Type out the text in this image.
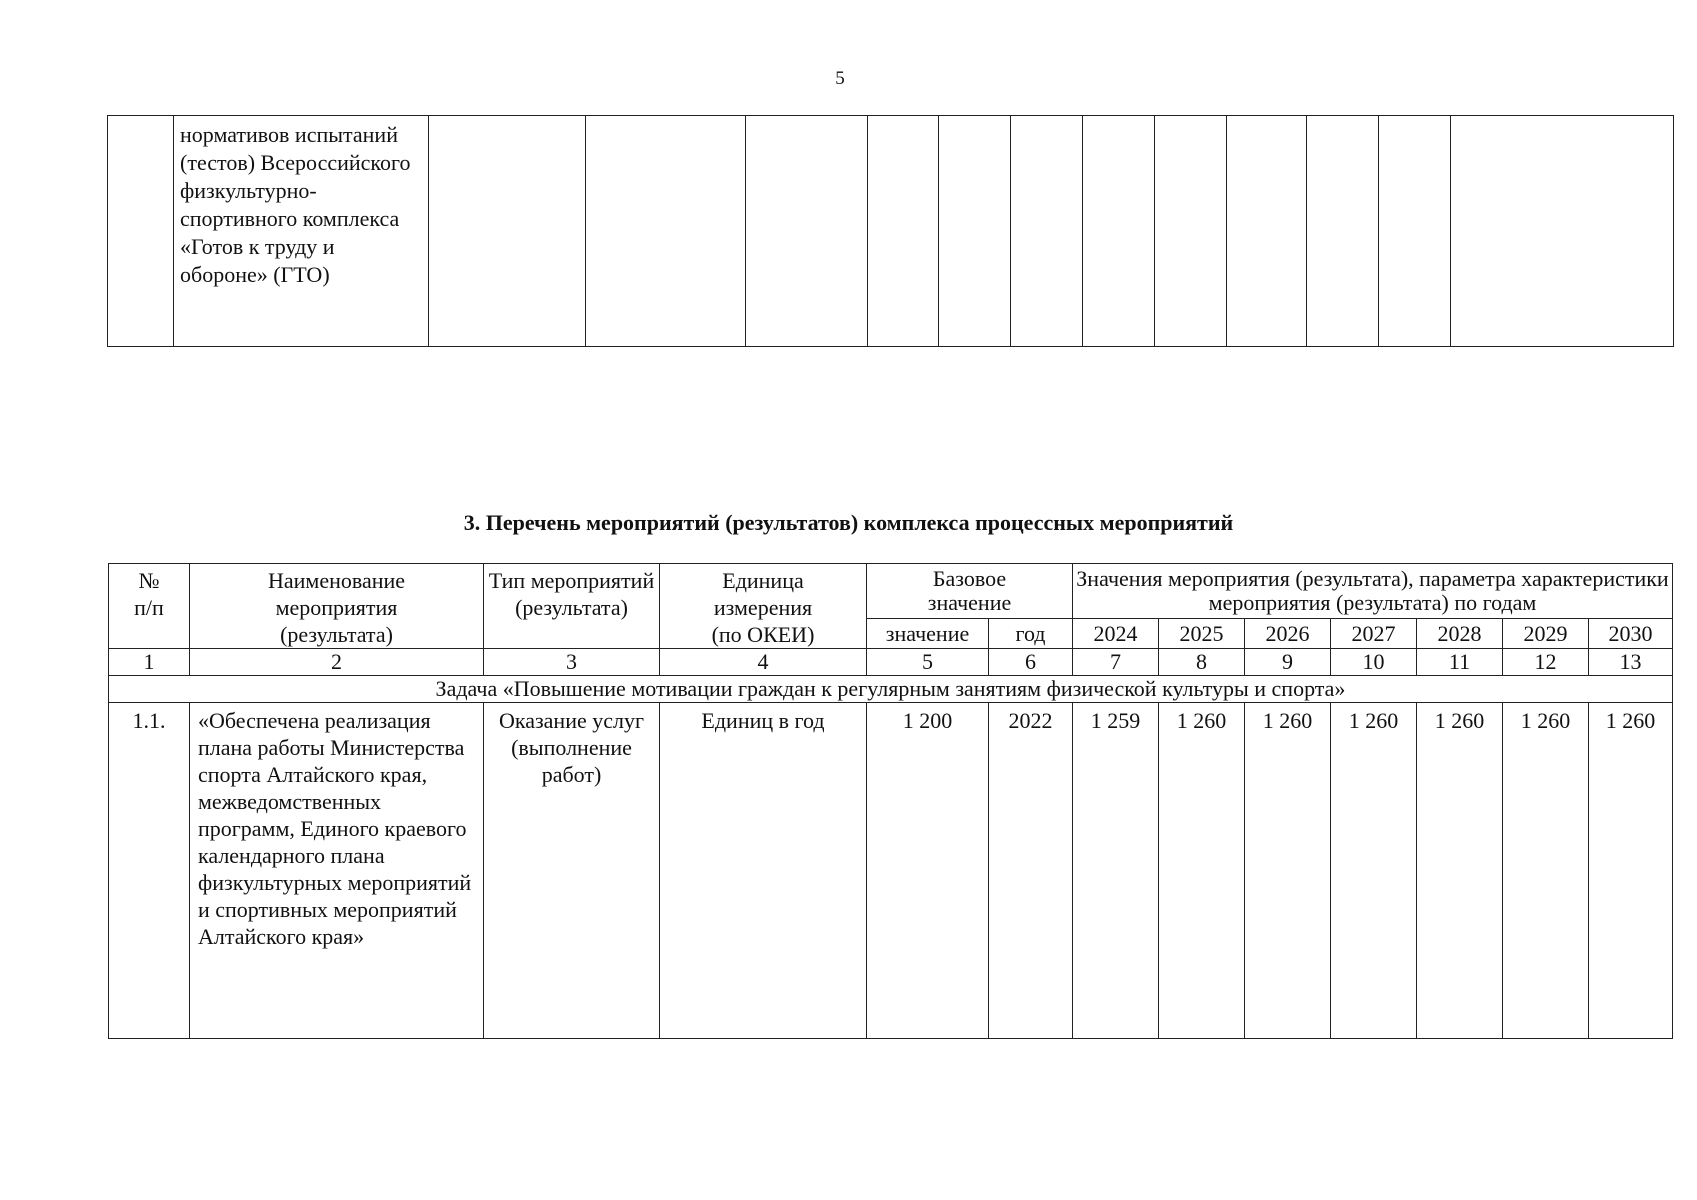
5

нормативов испытаний (тестов) Всероссийского физкультурно-спортивного комплекса «Готов к труду и обороне» (ГТО)

3. Перечень мероприятий (результатов) комплекса процессных мероприятий
№ п/п	Наименование мероприятия (результата)	Тип мероприятий (результата)	Единица измерения (по ОКЕИ)	Базовое значение		Значения мероприятия (результата), параметра характеристики мероприятия (результата) по годам						
				значение	год	2024	2025	2026	2027	2028	2029	2030
1	2	3	4	5	6	7	8	9	10	11	12	13
Задача «Повышение мотивации граждан к регулярным занятиям физической культуры и спорта»												
1.1.	«Обеспечена реализация плана работы Министерства спорта Алтайского края, межведомственных программ, Единого краевого календарного плана физкультурных мероприятий и спортивных мероприятий Алтайского края»	Оказание услуг (выполнение работ)	Единиц в год	1 200	2022	1 259	1 260	1 260	1 260	1 260	1 260	1 260
